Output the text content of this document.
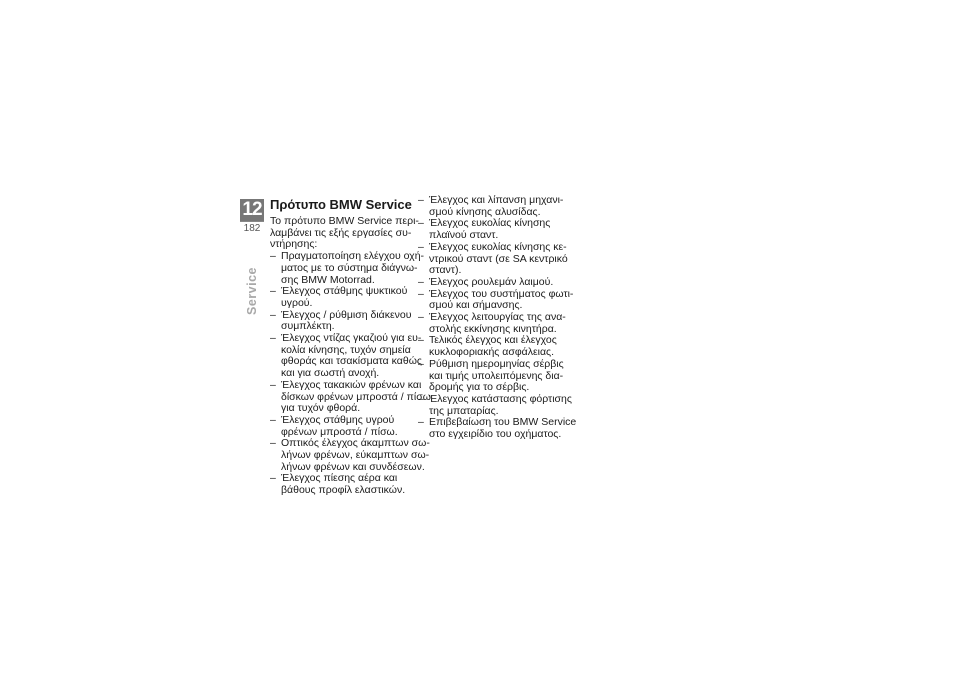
12
182
Service
Πρότυπο BMW Service

Το πρότυπο BMW Service περι-
λαμβάνει τις εξής εργασίες συ-
ντήρησης:

– Πραγματοποίηση ελέγχου οχή-
ματος με το σύστημα διάγνω-
σης BMW Motorrad.
– Έλεγχος στάθμης ψυκτικού
υγρού.
– Έλεγχος / ρύθμιση διάκενου
συμπλέκτη.
– Έλεγχος ντίζας γκαζιού για ευ-
κολία κίνησης, τυχόν σημεία
φθοράς και τσακίσματα καθώς
και για σωστή ανοχή.
– Έλεγχος τακακιών φρένων και
δίσκων φρένων μπροστά / πίσω
για τυχόν φθορά.
– Έλεγχος στάθμης υγρού
φρένων μπροστά / πίσω.
– Οπτικός έλεγχος άκαμπτων σω-
λήνων φρένων, εύκαμπτων σω-
λήνων φρένων και συνδέσεων.
– Έλεγχος πίεσης αέρα και
βάθους προφίλ ελαστικών.
– Έλεγχος και λίπανση μηχανι-
σμού κίνησης αλυσίδας.
– Έλεγχος ευκολίας κίνησης
πλαϊνού σταντ.
– Έλεγχος ευκολίας κίνησης κε-
ντρικού σταντ (σε SA κεντρικό
σταντ).
– Έλεγχος ρουλεμάν λαιμού.
– Έλεγχος του συστήματος φωτι-
σμού και σήμανσης.
– Έλεγχος λειτουργίας της ανα-
στολής εκκίνησης κινητήρα.
– Τελικός έλεγχος και έλεγχος
κυκλοφοριακής ασφάλειας.
– Ρύθμιση ημερομηνίας σέρβις
και τιμής υπολειπόμενης δια-
δρομής για το σέρβις.
– Έλεγχος κατάστασης φόρτισης
της μπαταρίας.
– Επιβεβαίωση του BMW Service
στο εγχειρίδιο του οχήματος.
